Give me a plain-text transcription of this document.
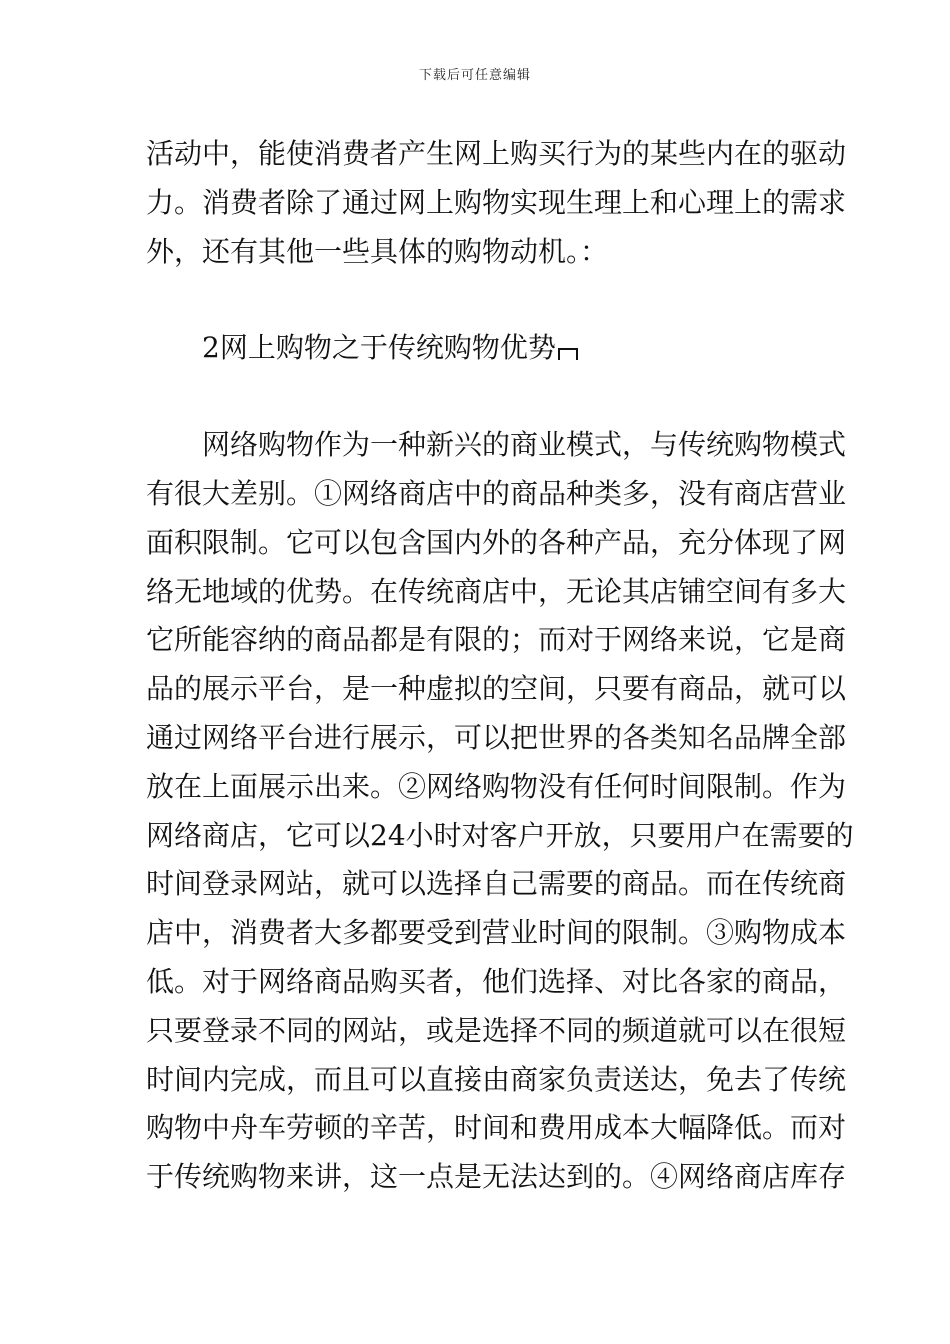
下载后可任意编辑
活动中，能使消费者产生网上购买行为的某些内在的驱动
力。消费者除了通过网上购物实现生理上和心理上的需求
外，还有其他一些具体的购物动机。：
2网上购物之于传统购物优势
网络购物作为一种新兴的商业模式，与传统购物模式
有很大差别。①网络商店中的商品种类多，没有商店营业
面积限制。它可以包含国内外的各种产品，充分体现了网
络无地域的优势。在传统商店中，无论其店铺空间有多大
它所能容纳的商品都是有限的；而对于网络来说，它是商
品的展示平台，是一种虚拟的空间，只要有商品，就可以
通过网络平台进行展示，可以把世界的各类知名品牌全部
放在上面展示出来。②网络购物没有任何时间限制。作为
网络商店，它可以24小时对客户开放，只要用户在需要的
时间登录网站，就可以选择自己需要的商品。而在传统商
店中，消费者大多都要受到营业时间的限制。③购物成本
低。对于网络商品购买者，他们选择、对比各家的商品，
只要登录不同的网站，或是选择不同的频道就可以在很短
时间内完成，而且可以直接由商家负责送达，免去了传统
购物中舟车劳顿的辛苦，时间和费用成本大幅降低。而对
于传统购物来讲，这一点是无法达到的。④网络商店库存
